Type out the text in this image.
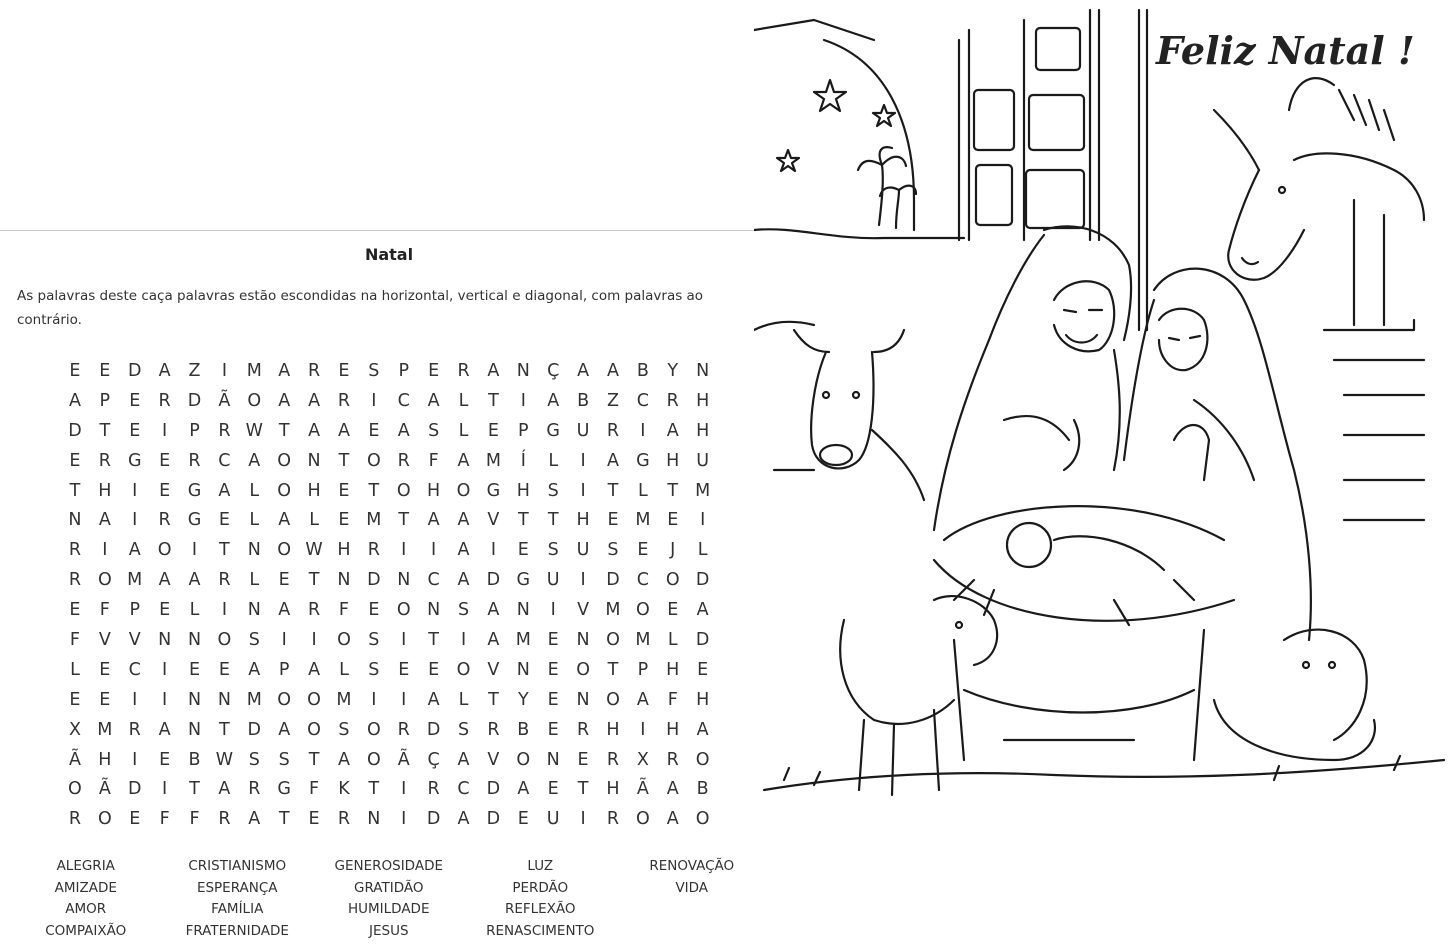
Natal
As palavras deste caça palavras estão escondidas na horizontal, vertical e diagonal, com palavras ao contrário.
E	E	D A	Z	I	M A	R	E	S	P	E	R	A N Ç	A	A	B	Y	N
A	P	E	R D Ã O A	A	R	I	C	A	L	T	I	A	B	Z	C	R H
D	T	E	I	P	R W T	A	A	E	A	S	L	E	P	G U R	I	A H
E	R G	E	R	C	A O N	T	O R	F	A M	Í	L	I	A G H U
T	H	I	E	G A	L	O H	E	T	O H O G H	S	I	T	L	T M
N A	I	R G	E	L	A	L	E M T	A	A	V	T	T	H	E M E	I
R	I	A O	I	T	N O W H R	I	I	A	I	E	S	U	S	E	J	L
R O M A	A	R	L	E	T	N D N C	A D G U	I	D C O D
E	F	P	E	L	I	N A	R	F	E O N	S	A N	I	V M O E	A
F	V	V N N O S	I	I	O S	I	T	I	A M E	N O M L	D
L	E	C	I	E	E	A	P	A	L	S	E	E O V N	E O	T	P	H	E
E	E	I	I	N N M O O M	I	I	A	L	T	Y	E	N O A	F	H
X M R	A N	T	D A O S O R D	S	R	B	E	R H	I	H A
Ã H	I	E	B W S	S	T	A O Ã	Ç	A	V O N	E	R	X	R O
O Ã D	I	T	A	R G	F	K	T	I	R	C D A	E	T	H Ã	A	B
R O E	F	F	R	A	T	E	R N	I	D A D	E	U	I	R O A O
ALEGRIA
AMIZADE
AMOR
COMPAIXÃO
CRISTIANISMO
ESPERANÇA
FAMÍLIA
FRATERNIDADE
GENEROSIDADE
GRATIDÃO
HUMILDADE
JESUS
LUZ
PERDÃO
REFLEXÃO
RENASCIMENTO
RENOVAÇÃO
VIDA
Feliz Natal !
